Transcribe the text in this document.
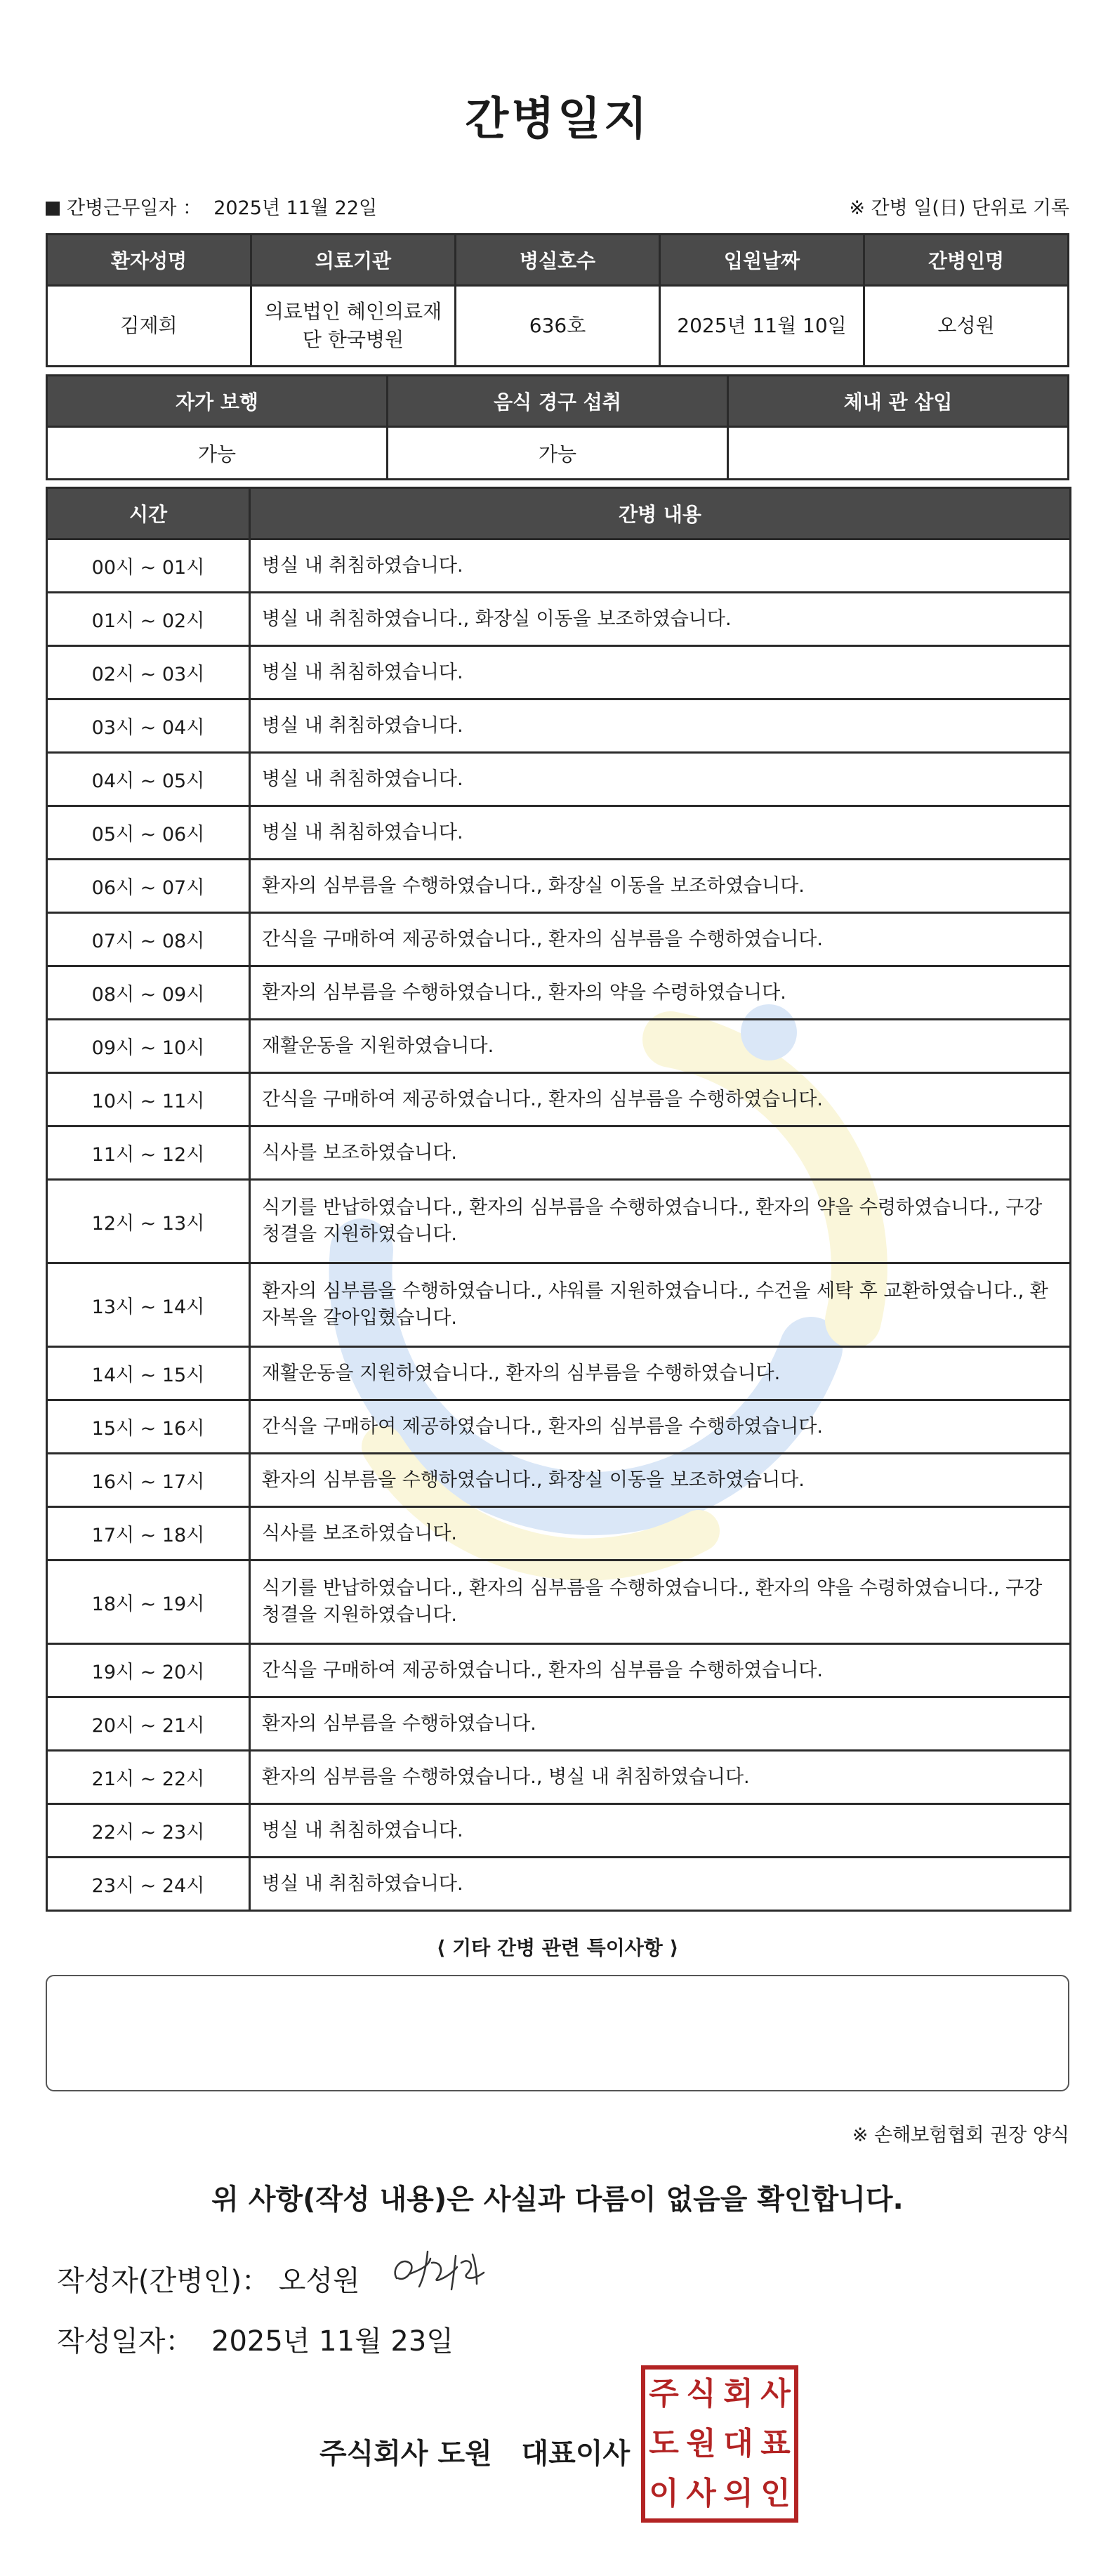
간병일지
간병근무일자 ： 2025년 11월 22일	※ 간병 일(日) 단위로 기록
환자성명	의료기관	병실호수	입원날짜	간병인명
김제희	의료법인 혜인의료재단 한국병원	636호	2025년 11월 10일	오성원
자가 보행	음식 경구 섭취	체내 관 삽입
가능	가능	
시간	간병 내용
00시 ~ 01시	병실 내 취침하였습니다.
01시 ~ 02시	병실 내 취침하였습니다., 화장실 이동을 보조하였습니다.
02시 ~ 03시	병실 내 취침하였습니다.
03시 ~ 04시	병실 내 취침하였습니다.
04시 ~ 05시	병실 내 취침하였습니다.
05시 ~ 06시	병실 내 취침하였습니다.
06시 ~ 07시	환자의 심부름을 수행하였습니다., 화장실 이동을 보조하였습니다.
07시 ~ 08시	간식을 구매하여 제공하였습니다., 환자의 심부름을 수행하였습니다.
08시 ~ 09시	환자의 심부름을 수행하였습니다., 환자의 약을 수령하였습니다.
09시 ~ 10시	재활운동을 지원하였습니다.
10시 ~ 11시	간식을 구매하여 제공하였습니다., 환자의 심부름을 수행하였습니다.
11시 ~ 12시	식사를 보조하였습니다.
12시 ~ 13시	식기를 반납하였습니다., 환자의 심부름을 수행하였습니다., 환자의 약을 수령하였습니다., 구강청결을 지원하였습니다.
13시 ~ 14시	환자의 심부름을 수행하였습니다., 샤워를 지원하였습니다., 수건을 세탁 후 교환하였습니다., 환자복을 갈아입혔습니다.
14시 ~ 15시	재활운동을 지원하였습니다., 환자의 심부름을 수행하였습니다.
15시 ~ 16시	간식을 구매하여 제공하였습니다., 환자의 심부름을 수행하였습니다.
16시 ~ 17시	환자의 심부름을 수행하였습니다., 화장실 이동을 보조하였습니다.
17시 ~ 18시	식사를 보조하였습니다.
18시 ~ 19시	식기를 반납하였습니다., 환자의 심부름을 수행하였습니다., 환자의 약을 수령하였습니다., 구강청결을 지원하였습니다.
19시 ~ 20시	간식을 구매하여 제공하였습니다., 환자의 심부름을 수행하였습니다.
20시 ~ 21시	환자의 심부름을 수행하였습니다.
21시 ~ 22시	환자의 심부름을 수행하였습니다., 병실 내 취침하였습니다.
22시 ~ 23시	병실 내 취침하였습니다.
23시 ~ 24시	병실 내 취침하였습니다.
⟨ 기타 간병 관련 특이사항 ⟩
※ 손해보험협회 권장 양식
위 사항(작성 내용)은 사실과 다름이 없음을 확인합니다.
작성자(간병인)： 오성원
작성일자： 2025년 11월 23일
주식회사 도원   대표이사
주 식 회 사
도 원 대 표
이 사 의 인
